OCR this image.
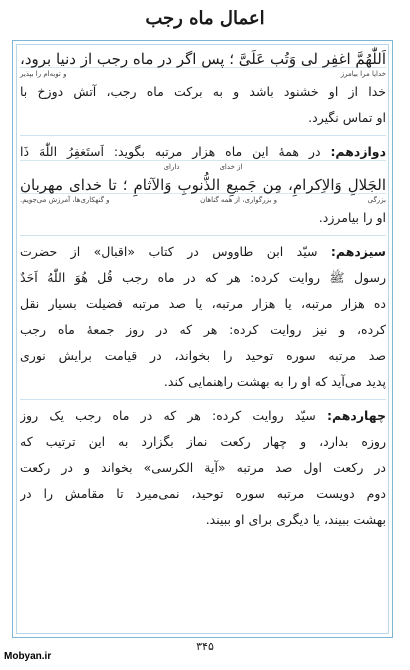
اعمال ماه رجب
اَللّٰهُمَّ اغفِر لی وَتُب عَلَیَّ ؛ پس اگر در ماه رجب از دنیا برود،
خدایا مرا بیامرز
و توبه‌ام را بپذیر
خدا از او خشنود باشد و به برکت ماه رجب، آتش دوزخ با
او تماس نگیرد.
دوازدهم: در همهٔ این ماه هزار مرتبه بگوید: اَستَغفِرُ اللّٰهَ ذَا
از خدای
دارای
الجَلالِ وَالاِکرامِ، مِن جَمیعِ الذُّنوبِ وَالآثامِ ؛ تا خدای مهربان
بزرگی
و بزرگواری، از همه گناهان
و گنهکاری‌ها، آمرزش می‌جویم.
او را بیامرزد.
سیزدهم: سیّد ابن طاووس در کتاب «اقبال» از حضرت
رسول ﷺ روایت کرده: هر که در ماه رجب قُل هُوَ اللّٰهُ اَحَدٌ
ده هزار مرتبه، یا هزار مرتبه، یا صد مرتبه فضیلت بسیار نقل
کرده، و نیز روایت کرده: هر که در روز جمعهٔ ماه رجب
صد مرتبه سوره توحید را بخواند، در قیامت برایش نوری
پدید می‌آید که او را به بهشت راهنمایی کند.
چهاردهم: سیّد روایت کرده: هر که در ماه رجب یک روز
روزه بدارد، و چهار رکعت نماز بگزارد به این ترتیب که
در رکعت اول صد مرتبه «آیة الکرسی» بخواند و در رکعت
دوم دویست مرتبه سوره توحید، نمی‌میرد تا مقامش را در
بهشت ببیند، یا دیگری برای او ببیند.
۳۴۵
Mobyan.ir
